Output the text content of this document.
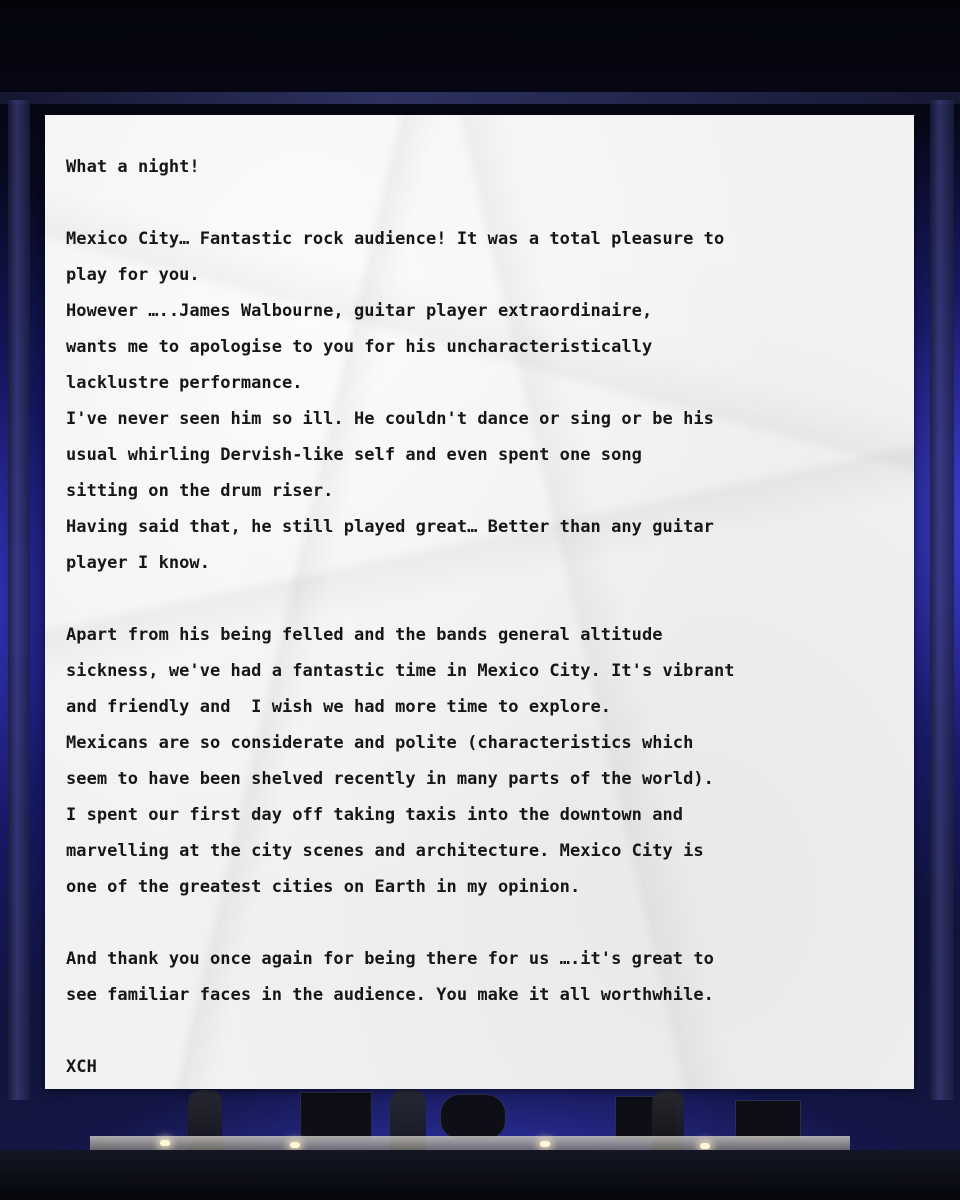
What a night!

Mexico City… Fantastic rock audience! It was a total pleasure to

play for you.

However …..James Walbourne, guitar player extraordinaire,

wants me to apologise to you for his uncharacteristically

lacklustre performance.

I've never seen him so ill. He couldn't dance or sing or be his

usual whirling Dervish-like self and even spent one song

sitting on the drum riser.

Having said that, he still played great… Better than any guitar

player I know.

Apart from his being felled and the bands general altitude

sickness, we've had a fantastic time in Mexico City. It's vibrant

and friendly and  I wish we had more time to explore.

Mexicans are so considerate and polite (characteristics which

seem to have been shelved recently in many parts of the world).

I spent our first day off taking taxis into the downtown and

marvelling at the city scenes and architecture. Mexico City is

one of the greatest cities on Earth in my opinion.

And thank you once again for being there for us ….it's great to

see familiar faces in the audience. You make it all worthwhile.

XCH
